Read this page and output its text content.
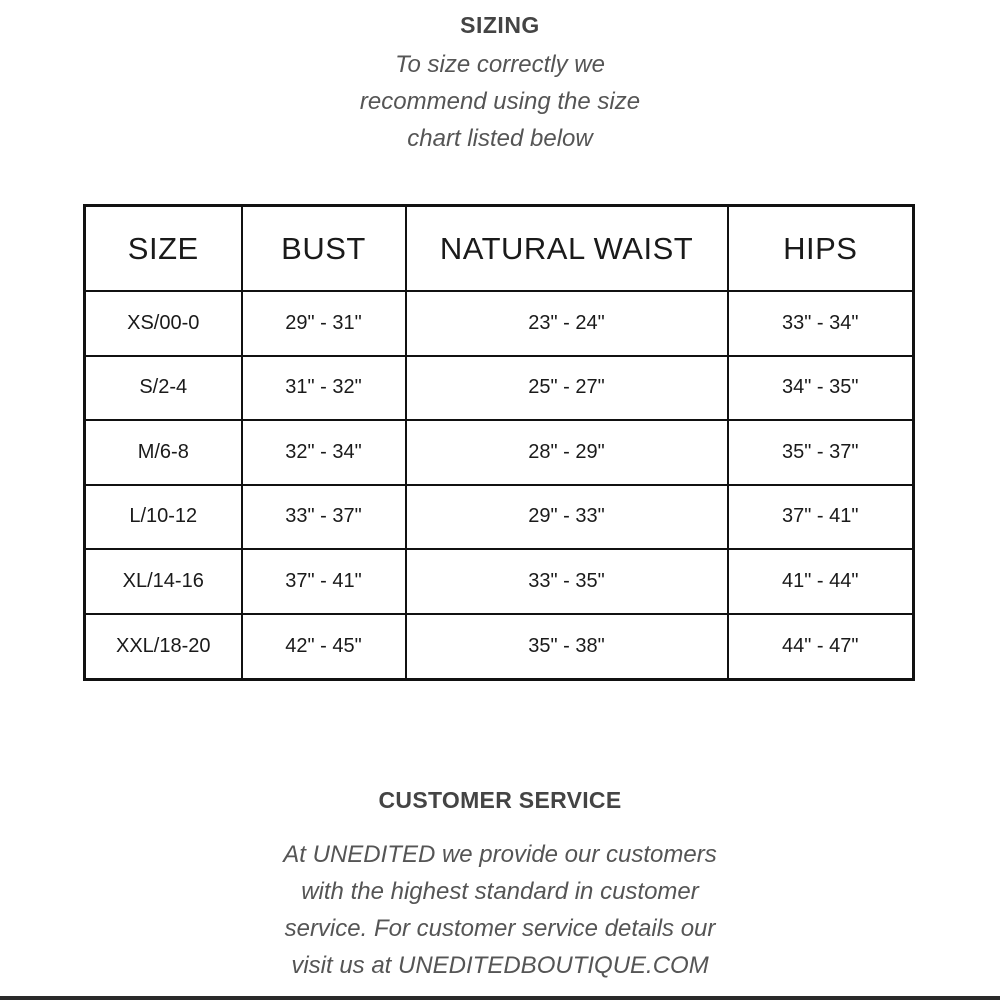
SIZING
To size correctly we
recommend using the size
chart listed below
SIZE	BUST	NATURAL WAIST	HIPS
XS/00-0	29" - 31"	23" - 24"	33" - 34"
S/2-4	31" - 32"	25" - 27"	34" - 35"
M/6-8	32" - 34"	28" - 29"	35" - 37"
L/10-12	33" - 37"	29" - 33"	37" - 41"
XL/14-16	37" - 41"	33" - 35"	41" - 44"
XXL/18-20	42" - 45"	35" - 38"	44" - 47"
CUSTOMER SERVICE
At UNEDITED we provide our customers
with the highest standard in customer
service. For customer service details our
visit us at UNEDITEDBOUTIQUE.COM
